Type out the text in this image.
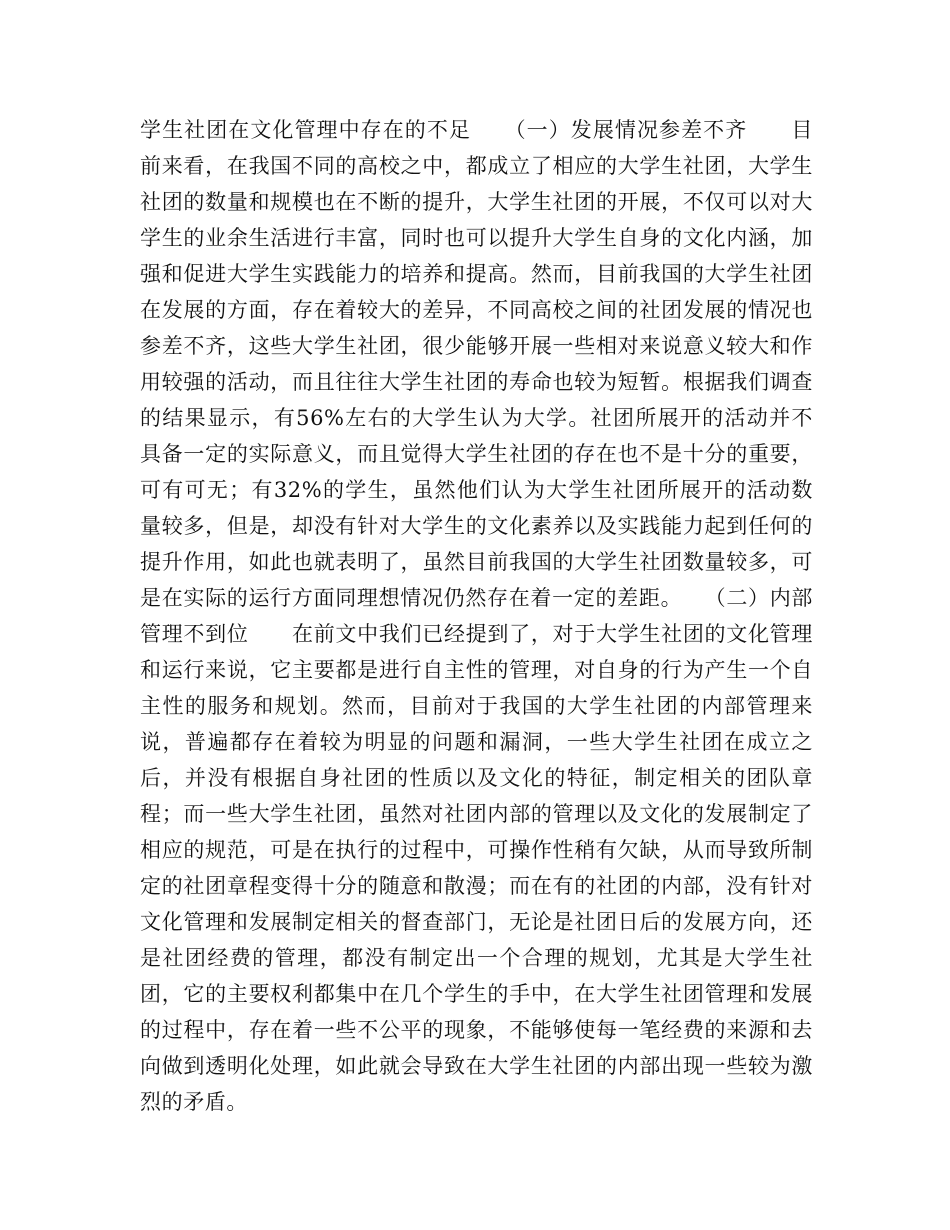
学生社团在文化管理中存在的不足　　（一）发展情况参差不齐　　目前来看，在我国不同的高校之中，都成立了相应的大学生社团，大学生社团的数量和规模也在不断的提升，大学生社团的开展，不仅可以对大学生的业余生活进行丰富，同时也可以提升大学生自身的文化内涵，加强和促进大学生实践能力的培养和提高。然而，目前我国的大学生社团在发展的方面，存在着较大的差异，不同高校之间的社团发展的情况也参差不齐，这些大学生社团，很少能够开展一些相对来说意义较大和作用较强的活动，而且往往大学生社团的寿命也较为短暂。根据我们调查的结果显示，有56%左右的大学生认为大学。社团所展开的活动并不具备一定的实际意义，而且觉得大学生社团的存在也不是十分的重要，可有可无；有32%的学生，虽然他们认为大学生社团所展开的活动数量较多，但是，却没有针对大学生的文化素养以及实践能力起到任何的提升作用，如此也就表明了，虽然目前我国的大学生社团数量较多，可是在实际的运行方面同理想情况仍然存在着一定的差距。　　（二）内部管理不到位　　在前文中我们已经提到了，对于大学生社团的文化管理和运行来说，它主要都是进行自主性的管理，对自身的行为产生一个自主性的服务和规划。然而，目前对于我国的大学生社团的内部管理来说，普遍都存在着较为明显的问题和漏洞，一些大学生社团在成立之后，并没有根据自身社团的性质以及文化的特征，制定相关的团队章程；而一些大学生社团，虽然对社团内部的管理以及文化的发展制定了相应的规范，可是在执行的过程中，可操作性稍有欠缺，从而导致所制定的社团章程变得十分的随意和散漫；而在有的社团的内部，没有针对文化管理和发展制定相关的督查部门，无论是社团日后的发展方向，还是社团经费的管理，都没有制定出一个合理的规划，尤其是大学生社团，它的主要权利都集中在几个学生的手中，在大学生社团管理和发展的过程中，存在着一些不公平的现象，不能够使每一笔经费的来源和去向做到透明化处理，如此就会导致在大学生社团的内部出现一些较为激烈的矛盾。
